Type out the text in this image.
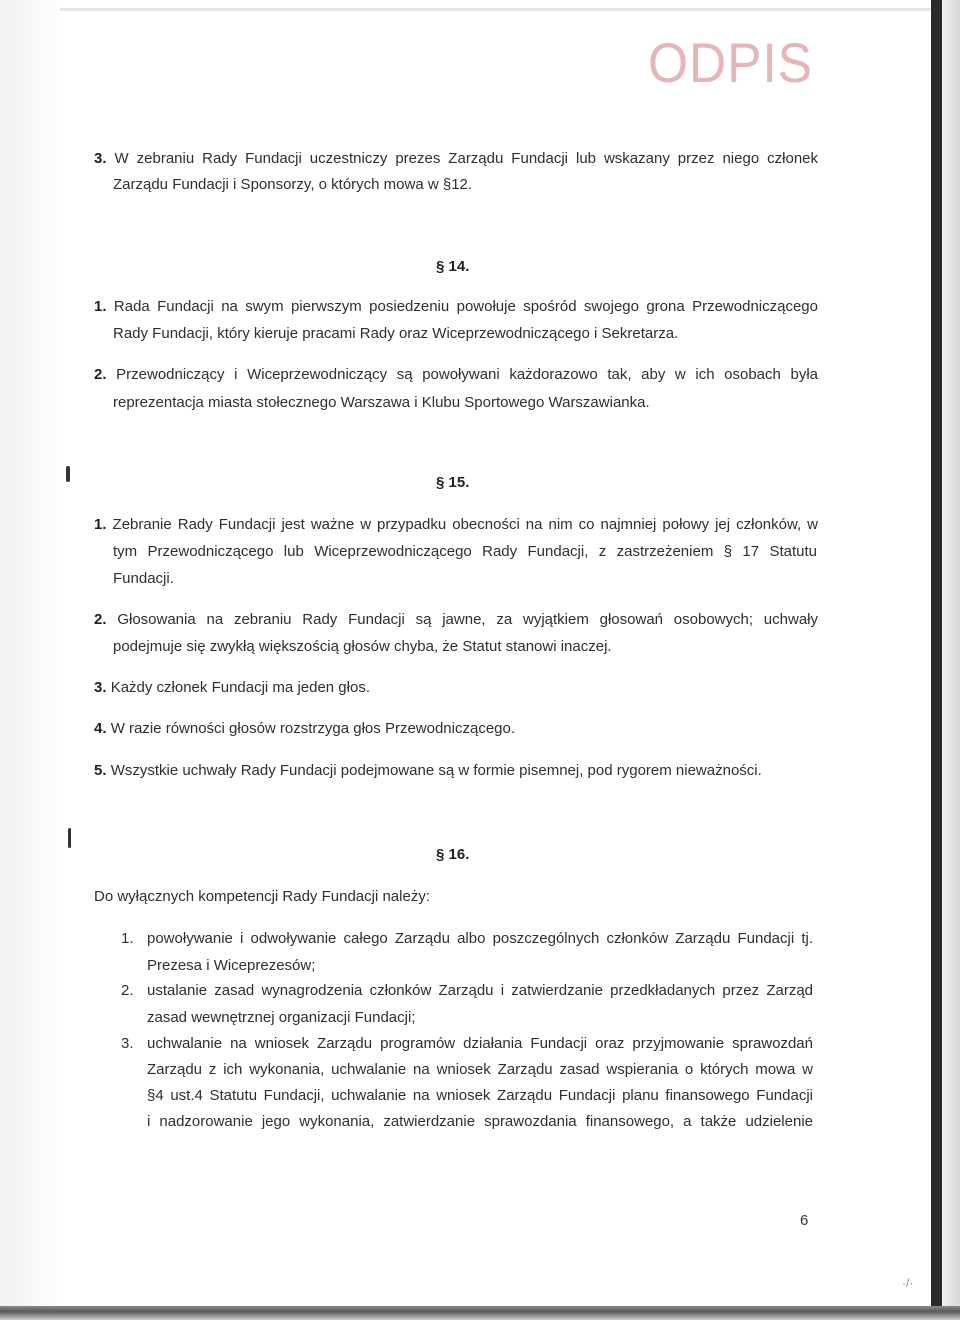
ODPIS
3. W zebraniu Rady Fundacji uczestniczy prezes Zarządu Fundacji lub wskazany przez niego członek
Zarządu Fundacji i Sponsorzy, o których mowa w §12.
§ 14.
1. Rada Fundacji na swym pierwszym posiedzeniu powołuje spośród swojego grona Przewodniczącego
Rady Fundacji, który kieruje pracami Rady oraz Wiceprzewodniczącego i Sekretarza.
2. Przewodniczący i Wiceprzewodniczący są powoływani każdorazowo tak, aby w ich osobach była
reprezentacja miasta stołecznego Warszawa i Klubu Sportowego Warszawianka.
§ 15.
1. Zebranie Rady Fundacji jest ważne w przypadku obecności na nim co najmniej połowy jej członków, w
tym Przewodniczącego lub Wiceprzewodniczącego Rady Fundacji, z zastrzeżeniem § 17 Statutu
Fundacji.
2. Głosowania na zebraniu Rady Fundacji są jawne, za wyjątkiem głosowań osobowych; uchwały
podejmuje się zwykłą większością głosów chyba, że Statut stanowi inaczej.
3. Każdy członek Fundacji ma jeden głos.
4. W razie równości głosów rozstrzyga głos Przewodniczącego.
5. Wszystkie uchwały Rady Fundacji podejmowane są w formie pisemnej, pod rygorem nieważności.
§ 16.
Do wyłącznych kompetencji Rady Fundacji należy:
1. powoływanie i odwoływanie całego Zarządu albo poszczególnych członków Zarządu Fundacji tj.
Prezesa i Wiceprezesów;
2. ustalanie zasad wynagrodzenia członków Zarządu i zatwierdzanie przedkładanych przez Zarząd
zasad wewnętrznej organizacji Fundacji;
3. uchwalanie na wniosek Zarządu programów działania Fundacji oraz przyjmowanie sprawozdań
Zarządu z ich wykonania, uchwalanie na wniosek Zarządu zasad wspierania o których mowa w
§4 ust.4 Statutu Fundacji, uchwalanie na wniosek Zarządu Fundacji planu finansowego Fundacji
i nadzorowanie jego wykonania, zatwierdzanie sprawozdania finansowego, a także udzielenie
6
·/·
